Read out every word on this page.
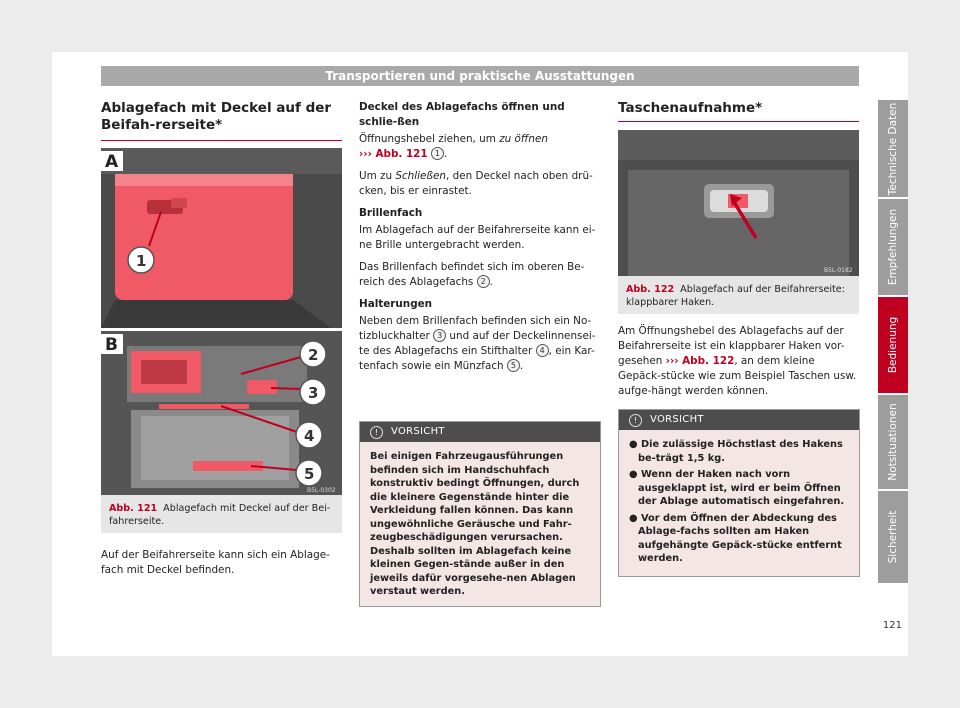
Transportieren und praktische Ausstattungen
Ablagefach mit Deckel auf der Beifah-rerseite*
A
B
1
2
3
4
5
B5L-0302
Abb. 121 Ablagefach mit Deckel auf der Bei-fahrerseite.

Auf der Beifahrerseite kann sich ein Ablage-fach mit Deckel befinden.

Deckel des Ablagefachs öffnen und schlie-ßen

Öffnungshebel ziehen, um zu öffnen
››› Abb. 121 1 .

Um zu Schließen, den Deckel nach oben drü-cken, bis er einrastet.

Brillenfach

Im Ablagefach auf der Beifahrerseite kann ei-ne Brille untergebracht werden.

Das Brillenfach befindet sich im oberen Be-reich des Ablagefachs 2 .

Halterungen

Neben dem Brillenfach befinden sich ein No-tizbluckhalter 3 und auf der Deckelinnensei-te des Ablagefachs ein Stifthalter 4 , ein Kar-tenfach sowie ein Münzfach 5 .

! VORSICHT
Bei einigen Fahrzeugausführungen befinden sich im Handschuhfach konstruktiv bedingt Öffnungen, durch die kleinere Gegenstände hinter die Verkleidung fallen können. Das kann ungewöhnliche Geräusche und Fahr-zeugbeschädigungen verursachen. Deshalb sollten im Ablagefach keine kleinen Gegen-stände außer in den jeweils dafür vorgesehe-nen Ablagen verstaut werden.
Taschenaufnahme*
B5L-0182
Abb. 122 Ablagefach auf der Beifahrerseite: klappbarer Haken.

Am Öffnungshebel des Ablagefachs auf der Beifahrerseite ist ein klappbarer Haken vor-gesehen ››› Abb. 122, an dem kleine Gepäck-stücke wie zum Beispiel Taschen usw. aufge-hängt werden können.

! VORSICHT
● Die zulässige Höchstlast des Hakens be-trägt 1,5 kg.
● Wenn der Haken nach vorn ausgeklappt ist, wird er beim Öffnen der Ablage automatisch eingefahren.
● Vor dem Öffnen der Abdeckung des Ablage-fachs sollten am Haken aufgehängte Gepäck-stücke entfernt werden.
Technische Daten
Empfehlungen
Bedienung
Notsituationen
Sicherheit
121
